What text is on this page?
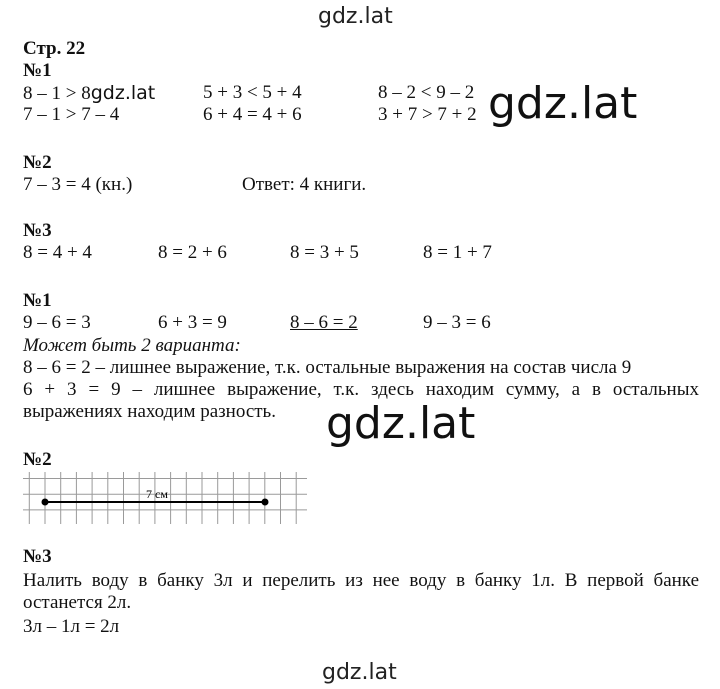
gdz.lat
gdz.lat
gdz.lat
gdz.lat
Стр. 22
№1
8 – 1 > 8gdz.lat	5 + 3 < 5 + 4	8 – 2 < 9 – 2
7 – 1 > 7 – 4	6 + 4 = 4 + 6	3 + 7 > 7 + 2
№2
7 – 3 = 4 (кн.)	Ответ: 4 книги.
№3
8 = 4 + 4	8 = 2 + 6	8 = 3 + 5	8 = 1 + 7
№1
9 – 6 = 3	6 + 3 = 9	8 – 6 = 2	9 – 3 = 6
Может быть 2 варианта:
8 – 6 = 2 – лишнее выражение, т.к. остальные выражения на состав числа 9
6 + 3 = 9 – лишнее выражение, т.к. здесь находим сумму, а в остальных выражениях находим разность.
№2
7 см
№3
Налить воду в банку 3л и перелить из нее воду в банку 1л. В первой банке останется 2л.
3л – 1л = 2л
